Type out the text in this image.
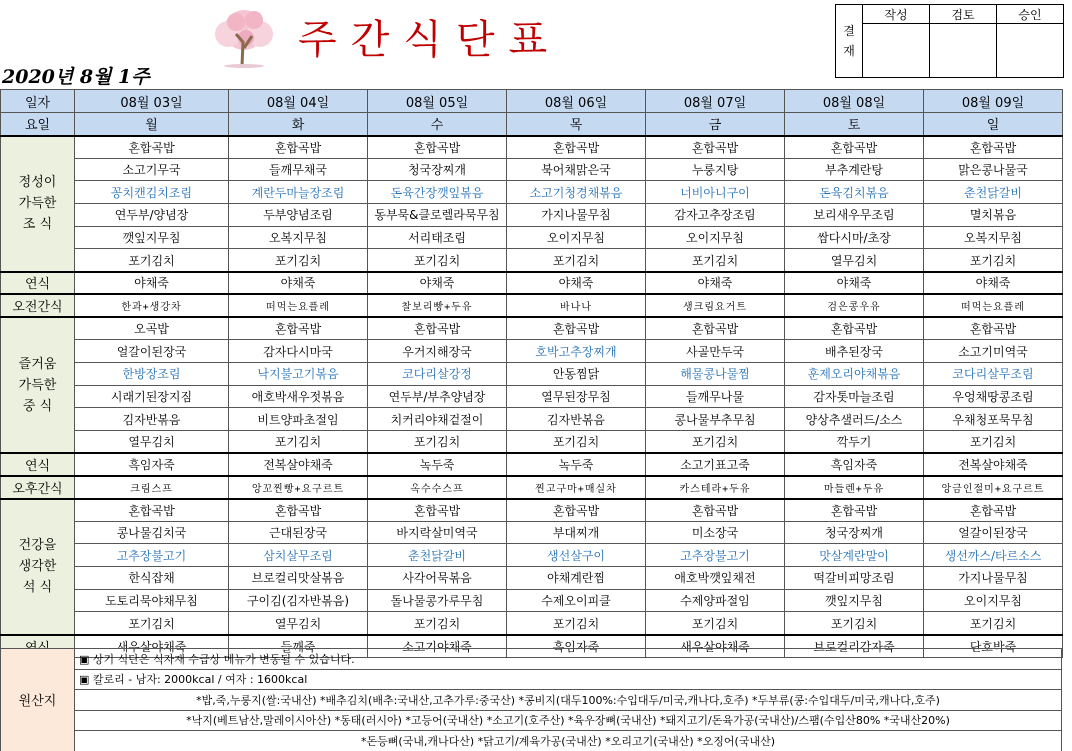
주간식단표
2020년 8월 1주
결
재	작성	검토	승인

일자	08월 03일	08월 04일	08월 05일	08월 06일	08월 07일	08월 08일	08월 09일
요일	월	화	수	목	금	토	일
정성이
가득한
조 식	혼합곡밥	혼합곡밥	혼합곡밥	혼합곡밥	혼합곡밥	혼합곡밥	혼합곡밥
	소고기무국	들깨무채국	청국장찌개	북어채맑은국	누룽지탕	부추계란탕	맑은콩나물국
	꽁치캔김치조림	계란두마늘장조림	돈육간장깻잎볶음	소고기청경채볶음	너비아니구이	돈육김치볶음	춘천닭갈비
	연두부/양념장	두부양념조림	동부묵&클로렐라묵무침	가지나물무침	감자고추장조림	보리새우무조림	멸치볶음
	깻잎지무침	오복지무침	서리태조림	오이지무침	오이지무침	쌈다시마/초장	오복지무침
	포기김치	포기김치	포기김치	포기김치	포기김치	열무김치	포기김치
연식	야채죽	야채죽	야채죽	야채죽	야채죽	야채죽	야채죽
오전간식	한과+생강차	떠먹는요플레	찰보리빵+두유	바나나	생크림요거트	검은콩우유	떠먹는요플레
즐거움
가득한
중 식	오곡밥	혼합곡밥	혼합곡밥	혼합곡밥	혼합곡밥	혼합곡밥	혼합곡밥
	얼갈이된장국	감자다시마국	우거지해장국	호박고추장찌개	사골만두국	배추된장국	소고기미역국
	한방장조림	낙지불고기볶음	코다리살강정	안동찜닭	해물콩나물찜	훈제오리야채볶음	코다리살무조림
	시래기된장지짐	애호박새우젓볶음	연두부/부추양념장	열무된장무침	들깨무나물	감자톳마늘조림	우엉채땅콩조림
	김자반볶음	비트양파초절임	치커리야채겉절이	김자반볶음	콩나물부추무침	양상추샐러드/소스	우채청포묵무침
	열무김치	포기김치	포기김치	포기김치	포기김치	깍두기	포기김치
연식	흑임자죽	전복살야채죽	녹두죽	녹두죽	소고기표고죽	흑임자죽	전복살야채죽
오후간식	크림스프	앙꼬찐빵+요구르트	옥수수스프	찐고구마+매실차	카스테라+두유	마들렌+두유	앙금인절미+요구르트
건강을
생각한
석 식	혼합곡밥	혼합곡밥	혼합곡밥	혼합곡밥	혼합곡밥	혼합곡밥	혼합곡밥
	콩나물김치국	근대된장국	바지락살미역국	부대찌개	미소장국	청국장찌개	얼갈이된장국
	고추장불고기	삼치살무조림	춘천닭갈비	생선살구이	고추장불고기	맛살계란말이	생선까스/타르소스
	한식잡채	브로컬리맛살볶음	사각어묵볶음	야채계란찜	애호박깻잎채전	떡갈비피망조림	가지나물무침
	도토리묵야채무침	구이김(김자반볶음)	돌나물콩가루무침	수제오이피클	수제양파절임	깻잎지무침	오이지무침
	포기김치	열무김치	포기김치	포기김치	포기김치	포기김치	포기김치
	새우살야채죽	들깨죽	소고기야채죽	흑임자죽	새우살야채죽	브로컬리감자죽	단호박죽
원산지	▣ 상기 식단은 식자재 수급상 메뉴가 변동될 수 있습니다.
▣ 칼로리 - 남자: 2000kcal / 여자 : 1600kcal
*밥,죽,누룽지(쌀:국내산) *배추김치(배추:국내산,고추가루:중국산) *콩비지(대두100%:수입대두/미국,캐나다,호주) *두부류(콩:수입대두/미국,캐나다,호주)
*낙지(베트남산,말레이시아산) *동태(러시아) *고등어(국내산) *소고기(호주산) *육우장뼈(국내산) *돼지고기/돈육가공(국내산)/스팸(수입산80% *국내산20%)
*돈등뼈(국내,캐나다산) *닭고기/계육가공(국내산) *오리고기(국내산) *오징어(국내산)
